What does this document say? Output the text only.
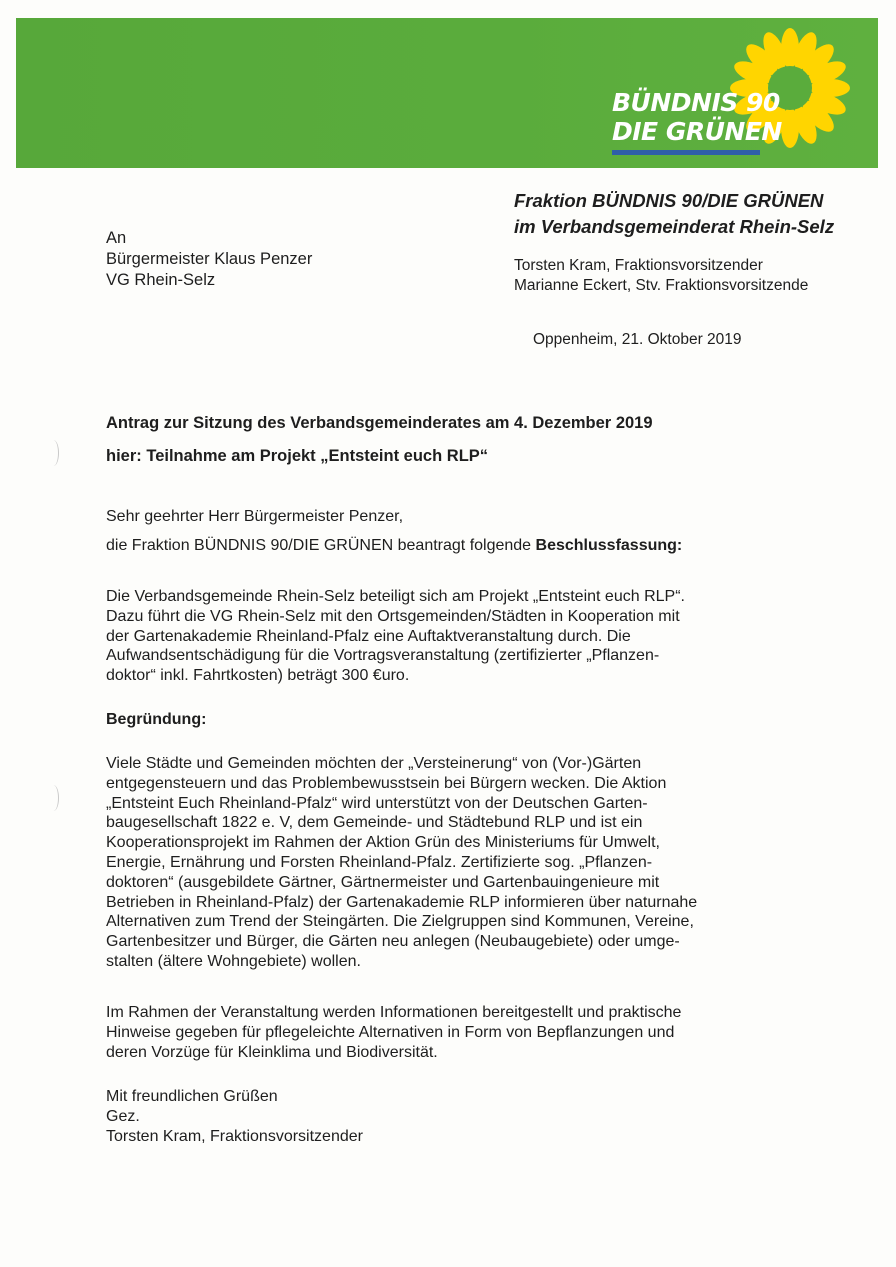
BÜNDNIS 90
DIE GRÜNEN
Fraktion BÜNDNIS 90/DIE GRÜNEN
im Verbandsgemeinderat Rhein-Selz
Torsten Kram, Fraktionsvorsitzender
Marianne Eckert, Stv. Fraktionsvorsitzende
An
Bürgermeister Klaus Penzer
VG Rhein-Selz
Oppenheim, 21. Oktober 2019
Antrag zur Sitzung des Verbandsgemeinderates am 4. Dezember 2019
hier: Teilnahme am Projekt „Entsteint euch RLP“
Sehr geehrter Herr Bürgermeister Penzer,
die Fraktion BÜNDNIS 90/DIE GRÜNEN beantragt folgende Beschlussfassung:
Die Verbandsgemeinde Rhein-Selz beteiligt sich am Projekt „Entsteint euch RLP“.
Dazu führt die VG Rhein-Selz mit den Ortsgemeinden/Städten in Kooperation mit
der Gartenakademie Rheinland-Pfalz eine Auftaktveranstaltung durch. Die
Aufwandsentschädigung für die Vortragsveranstaltung (zertifizierter „Pflanzen-
doktor“ inkl. Fahrtkosten) beträgt 300 €uro.
Begründung:
Viele Städte und Gemeinden möchten der „Versteinerung“ von (Vor-)Gärten
entgegensteuern und das Problembewusstsein bei Bürgern wecken. Die Aktion
„Entsteint Euch Rheinland-Pfalz“ wird unterstützt von der Deutschen Garten-
baugesellschaft 1822 e. V, dem Gemeinde- und Städtebund RLP und ist ein
Kooperationsprojekt im Rahmen der Aktion Grün des Ministeriums für Umwelt,
Energie, Ernährung und Forsten Rheinland-Pfalz. Zertifizierte sog. „Pflanzen-
doktoren“ (ausgebildete Gärtner, Gärtnermeister und Gartenbauingenieure mit
Betrieben in Rheinland-Pfalz) der Gartenakademie RLP informieren über naturnahe
Alternativen zum Trend der Steingärten. Die Zielgruppen sind Kommunen, Vereine,
Gartenbesitzer und Bürger, die Gärten neu anlegen (Neubaugebiete) oder umge-
stalten (ältere Wohngebiete) wollen.
Im Rahmen der Veranstaltung werden Informationen bereitgestellt und praktische
Hinweise gegeben für pflegeleichte Alternativen in Form von Bepflanzungen und
deren Vorzüge für Kleinklima und Biodiversität.
Mit freundlichen Grüßen
Gez.
Torsten Kram, Fraktionsvorsitzender
